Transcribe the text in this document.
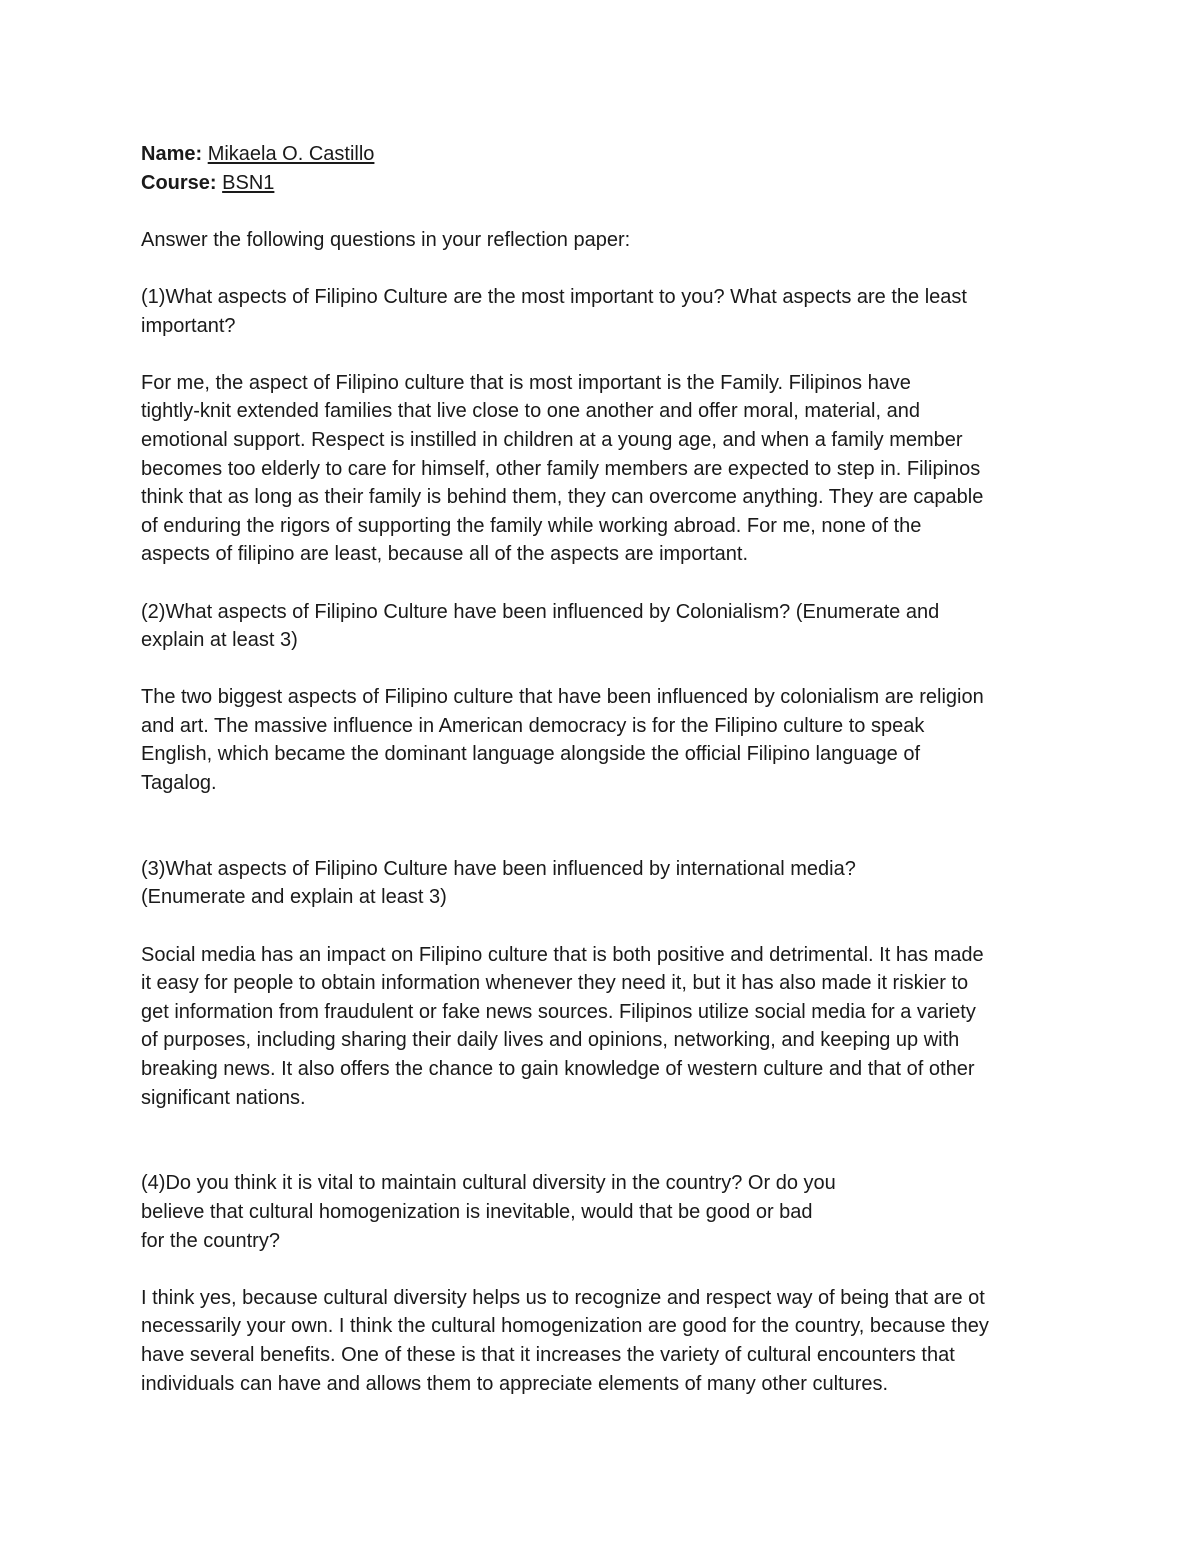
Name: Mikaela O. Castillo
Course: BSN1
Answer the following questions in your reflection paper:
(1)What aspects of Filipino Culture are the most important to you? What aspects are the least
important?
For me, the aspect of Filipino culture that is most important is the Family. Filipinos have
tightly-knit extended families that live close to one another and offer moral, material, and
emotional support. Respect is instilled in children at a young age, and when a family member
becomes too elderly to care for himself, other family members are expected to step in. Filipinos
think that as long as their family is behind them, they can overcome anything. They are capable
of enduring the rigors of supporting the family while working abroad. For me, none of the
aspects of filipino are least, because all of the aspects are important.
(2)What aspects of Filipino Culture have been influenced by Colonialism? (Enumerate and
explain at least 3)
The two biggest aspects of Filipino culture that have been influenced by colonialism are religion
and art. The massive influence in American democracy is for the Filipino culture to speak
English, which became the dominant language alongside the official Filipino language of
Tagalog.
(3)What aspects of Filipino Culture have been influenced by international media?
(Enumerate and explain at least 3)
Social media has an impact on Filipino culture that is both positive and detrimental. It has made
it easy for people to obtain information whenever they need it, but it has also made it riskier to
get information from fraudulent or fake news sources. Filipinos utilize social media for a variety
of purposes, including sharing their daily lives and opinions, networking, and keeping up with
breaking news. It also offers the chance to gain knowledge of western culture and that of other
significant nations.
(4)Do you think it is vital to maintain cultural diversity in the country? Or do you
believe that cultural homogenization is inevitable, would that be good or bad
for the country?
I think yes, because cultural diversity helps us to recognize and respect way of being that are ot
necessarily your own. I think the cultural homogenization are good for the country, because they
have several benefits. One of these is that it increases the variety of cultural encounters that
individuals can have and allows them to appreciate elements of many other cultures.
